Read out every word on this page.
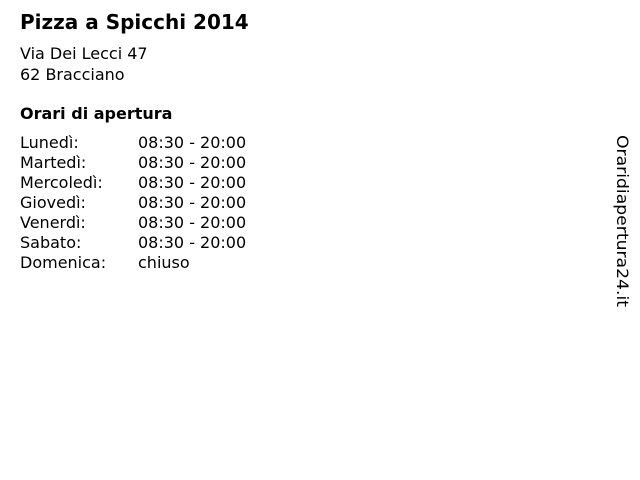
Pizza a Spicchi 2014
Via Dei Lecci 47
62 Bracciano
Orari di apertura
Lunedì:	08:30 - 20:00
Martedì:	08:30 - 20:00
Mercoledì: 08:30 - 20:00
Giovedì:	08:30 - 20:00
Venerdì:	08:30 - 20:00
Sabato:	08:30 - 20:00
Domenica: chiuso	Oraridiapertura24.it
